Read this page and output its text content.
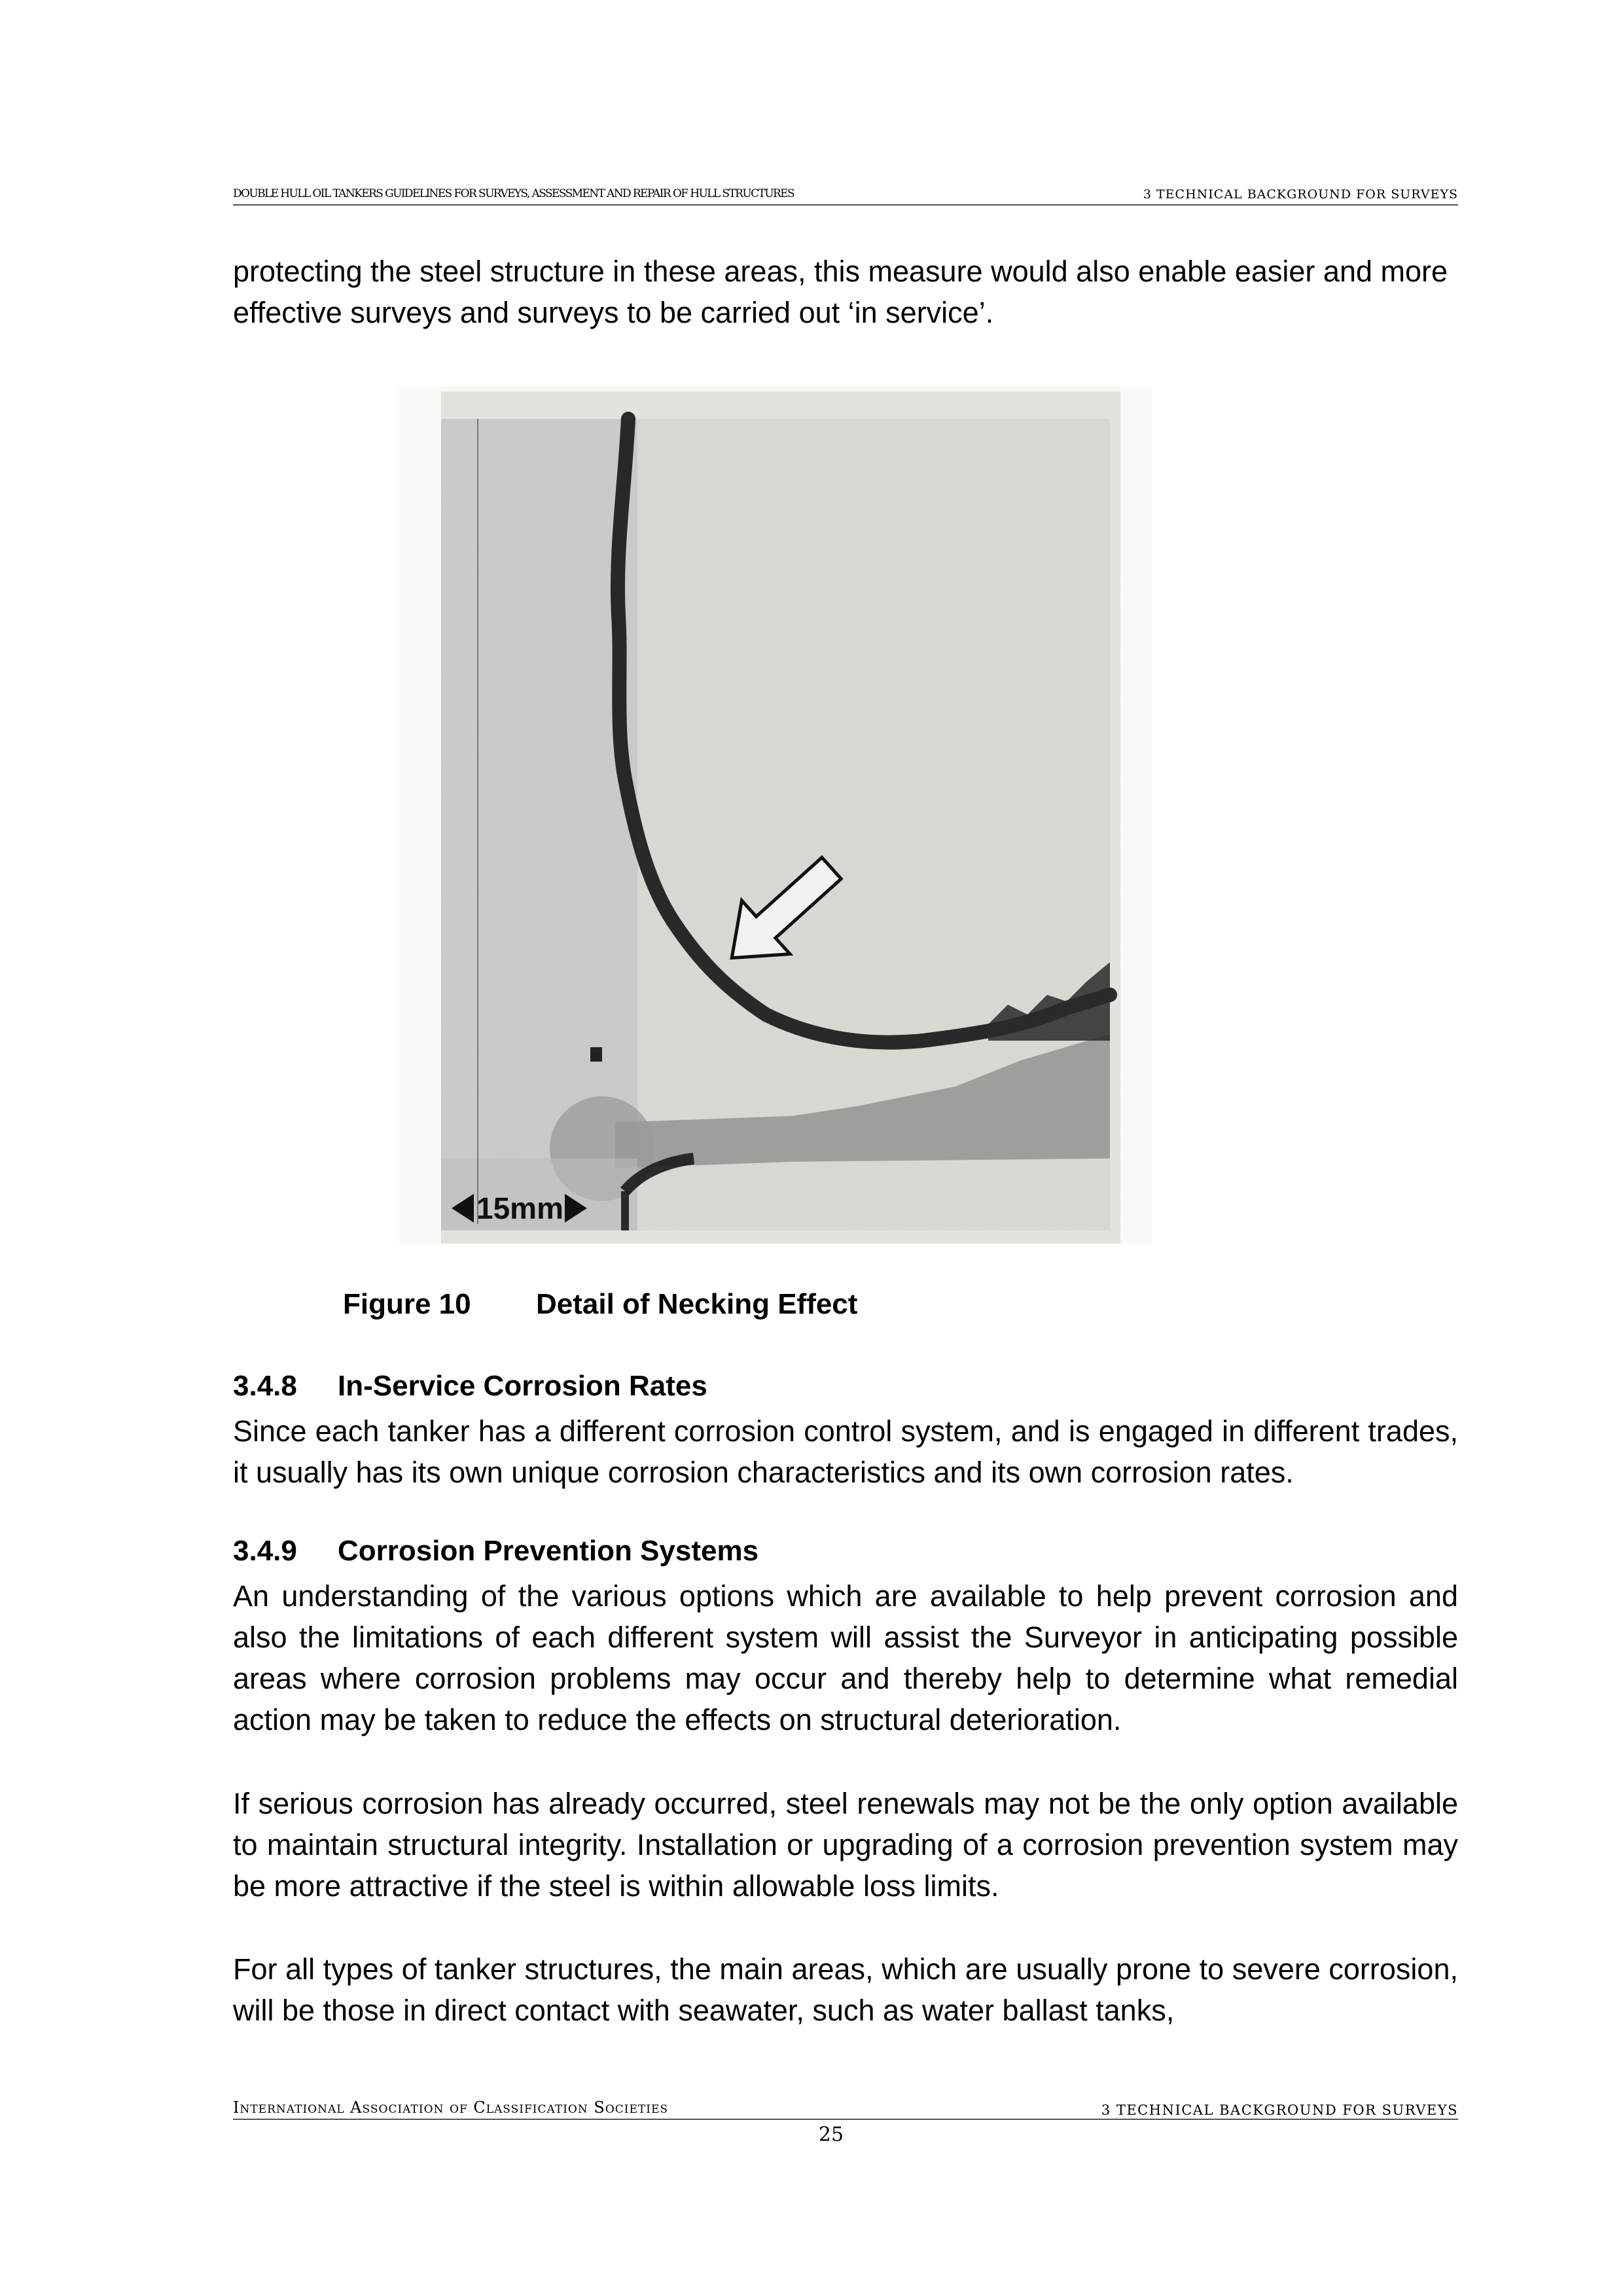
DOUBLE HULL OIL TANKERS GUIDELINES FOR SURVEYS, ASSESSMENT AND REPAIR OF HULL STRUCTURES	3 TECHNICAL BACKGROUND FOR SURVEYS

protecting the steel structure in these areas, this measure would also enable easier and more effective surveys and surveys to be carried out ‘in service’.

15mm
Figure 10 Detail of Necking Effect
3.4.8 In-Service Corrosion Rates

Since each tanker has a different corrosion control system, and is engaged in different trades, it usually has its own unique corrosion characteristics and its own corrosion rates.

3.4.9 Corrosion Prevention Systems

An understanding of the various options which are available to help prevent corrosion and also the limitations of each different system will assist the Surveyor in anticipating possible areas where corrosion problems may occur and thereby help to determine what remedial action may be taken to reduce the effects on structural deterioration.

If serious corrosion has already occurred, steel renewals may not be the only option available to maintain structural integrity. Installation or upgrading of a corrosion prevention system may be more attractive if the steel is within allowable loss limits.

For all types of tanker structures, the main areas, which are usually prone to severe corrosion, will be those in direct contact with seawater, such as water ballast tanks,

International Association of Classification Societies	3 TECHNICAL BACKGROUND FOR SURVEYS
25
